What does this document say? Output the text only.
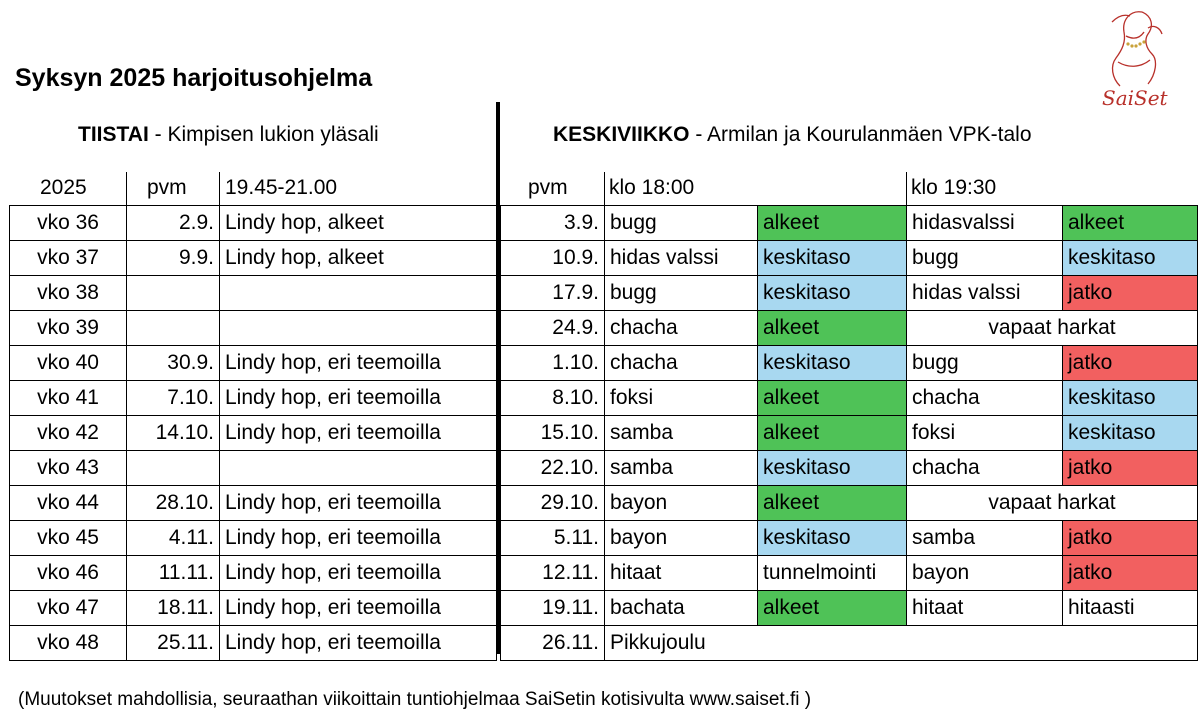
Syksyn 2025 harjoitusohjelma
SaiSet
TIISTAI - Kimpisen lukion yläsali	KESKIVIIKKO - Armilan ja Kourulanmäen VPK-talo
2025	pvm 19.45-21.00	pvm klo 18:00	klo 19:30
vko 36	2.9.	Lindy hop, alkeet
vko 37	9.9.	Lindy hop, alkeet
vko 38		
vko 39		
vko 40	30.9.	Lindy hop, eri teemoilla
vko 41	7.10.	Lindy hop, eri teemoilla
vko 42	14.10.	Lindy hop, eri teemoilla
vko 43		
vko 44	28.10.	Lindy hop, eri teemoilla
vko 45	4.11.	Lindy hop, eri teemoilla
vko 46	11.11.	Lindy hop, eri teemoilla
vko 47	18.11.	Lindy hop, eri teemoilla
vko 48	25.11.	Lindy hop, eri teemoilla
3.9.	bugg	alkeet	hidasvalssi	alkeet
10.9.	hidas valssi	keskitaso	bugg	keskitaso
17.9.	bugg	keskitaso	hidas valssi	jatko
24.9.	chacha	alkeet	vapaat harkat	
1.10.	chacha	keskitaso	bugg	jatko
8.10.	foksi	alkeet	chacha	keskitaso
15.10.	samba	alkeet	foksi	keskitaso
22.10.	samba	keskitaso	chacha	jatko
29.10.	bayon	alkeet	vapaat harkat	
5.11.	bayon	keskitaso	samba	jatko
12.11.	hitaat	tunnelmointi	bayon	jatko
19.11.	bachata	alkeet	hitaat	hitaasti
26.11.	Pikkujoulu			
(Muutokset mahdollisia, seuraathan viikoittain tuntiohjelmaa SaiSetin kotisivulta www.saiset.fi )
